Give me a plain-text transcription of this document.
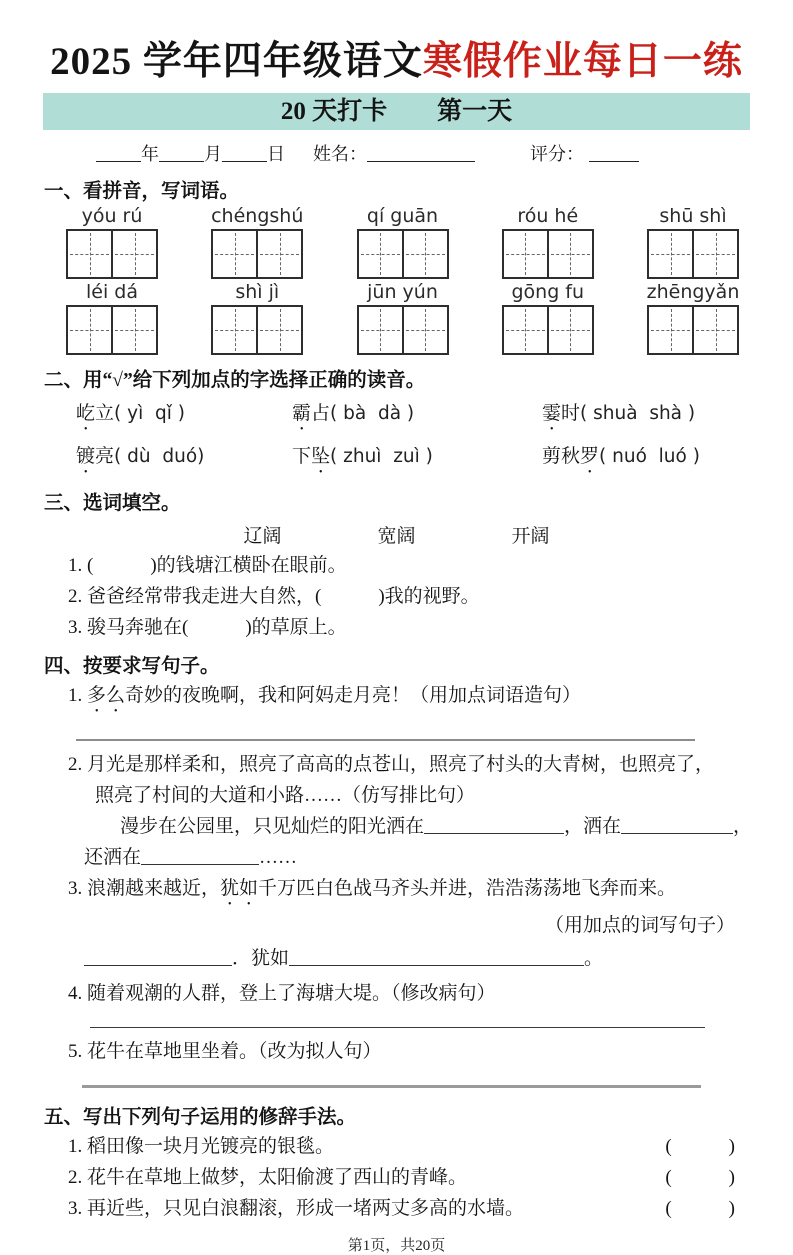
2025 学年四年级语文寒假作业每日一练
20 天打卡　　第一天
年	月	日 姓名：	评分：
一、看拼音，写词语。
yóu rú	chéngshú	qí guān	róu hé	shū shì
léi dá	shì jì	jūn yún	gōng fu	zhēngyǎn
二、用“√”给下列加点的字选择正确的读音。
屹立( yì  qǐ )	霸占( bà  dà )	霎时( shuà  shà )
镀亮( dù  duó)	下坠( zhuì  zuì )	剪秋罗( nuó  luó )
三、选词填空。
辽阔	宽阔	开阔
1. (　　　)的钱塘江横卧在眼前。
2. 爸爸经常带我走进大自然，(　　　)我的视野。
3. 骏马奔驰在(　　　)的草原上。
四、按要求写句子。
1. 多么奇妙的夜晚啊，我和阿妈走月亮！（用加点词语造句）
2. 月光是那样柔和，照亮了高高的点苍山，照亮了村头的大青树，也照亮了，
照亮了村间的大道和小路……（仿写排比句）
漫步在公园里，只见灿烂的阳光洒在	，洒在	，
还洒在	……
3. 浪潮越来越近，犹如千万匹白色战马齐头并进，浩浩荡荡地飞奔而来。
（用加点的词写句子）
．犹如	。
4. 随着观潮的人群，登上了海塘大堤。（修改病句）
5. 花牛在草地里坐着。（改为拟人句）
五、写出下列句子运用的修辞手法。
1. 稻田像一块月光镀亮的银毯。	(　　　)
2. 花牛在草地上做梦，太阳偷渡了西山的青峰。	(　　　)
3. 再近些，只见白浪翻滚，形成一堵两丈多高的水墙。	(　　　)
第1页，共20页
